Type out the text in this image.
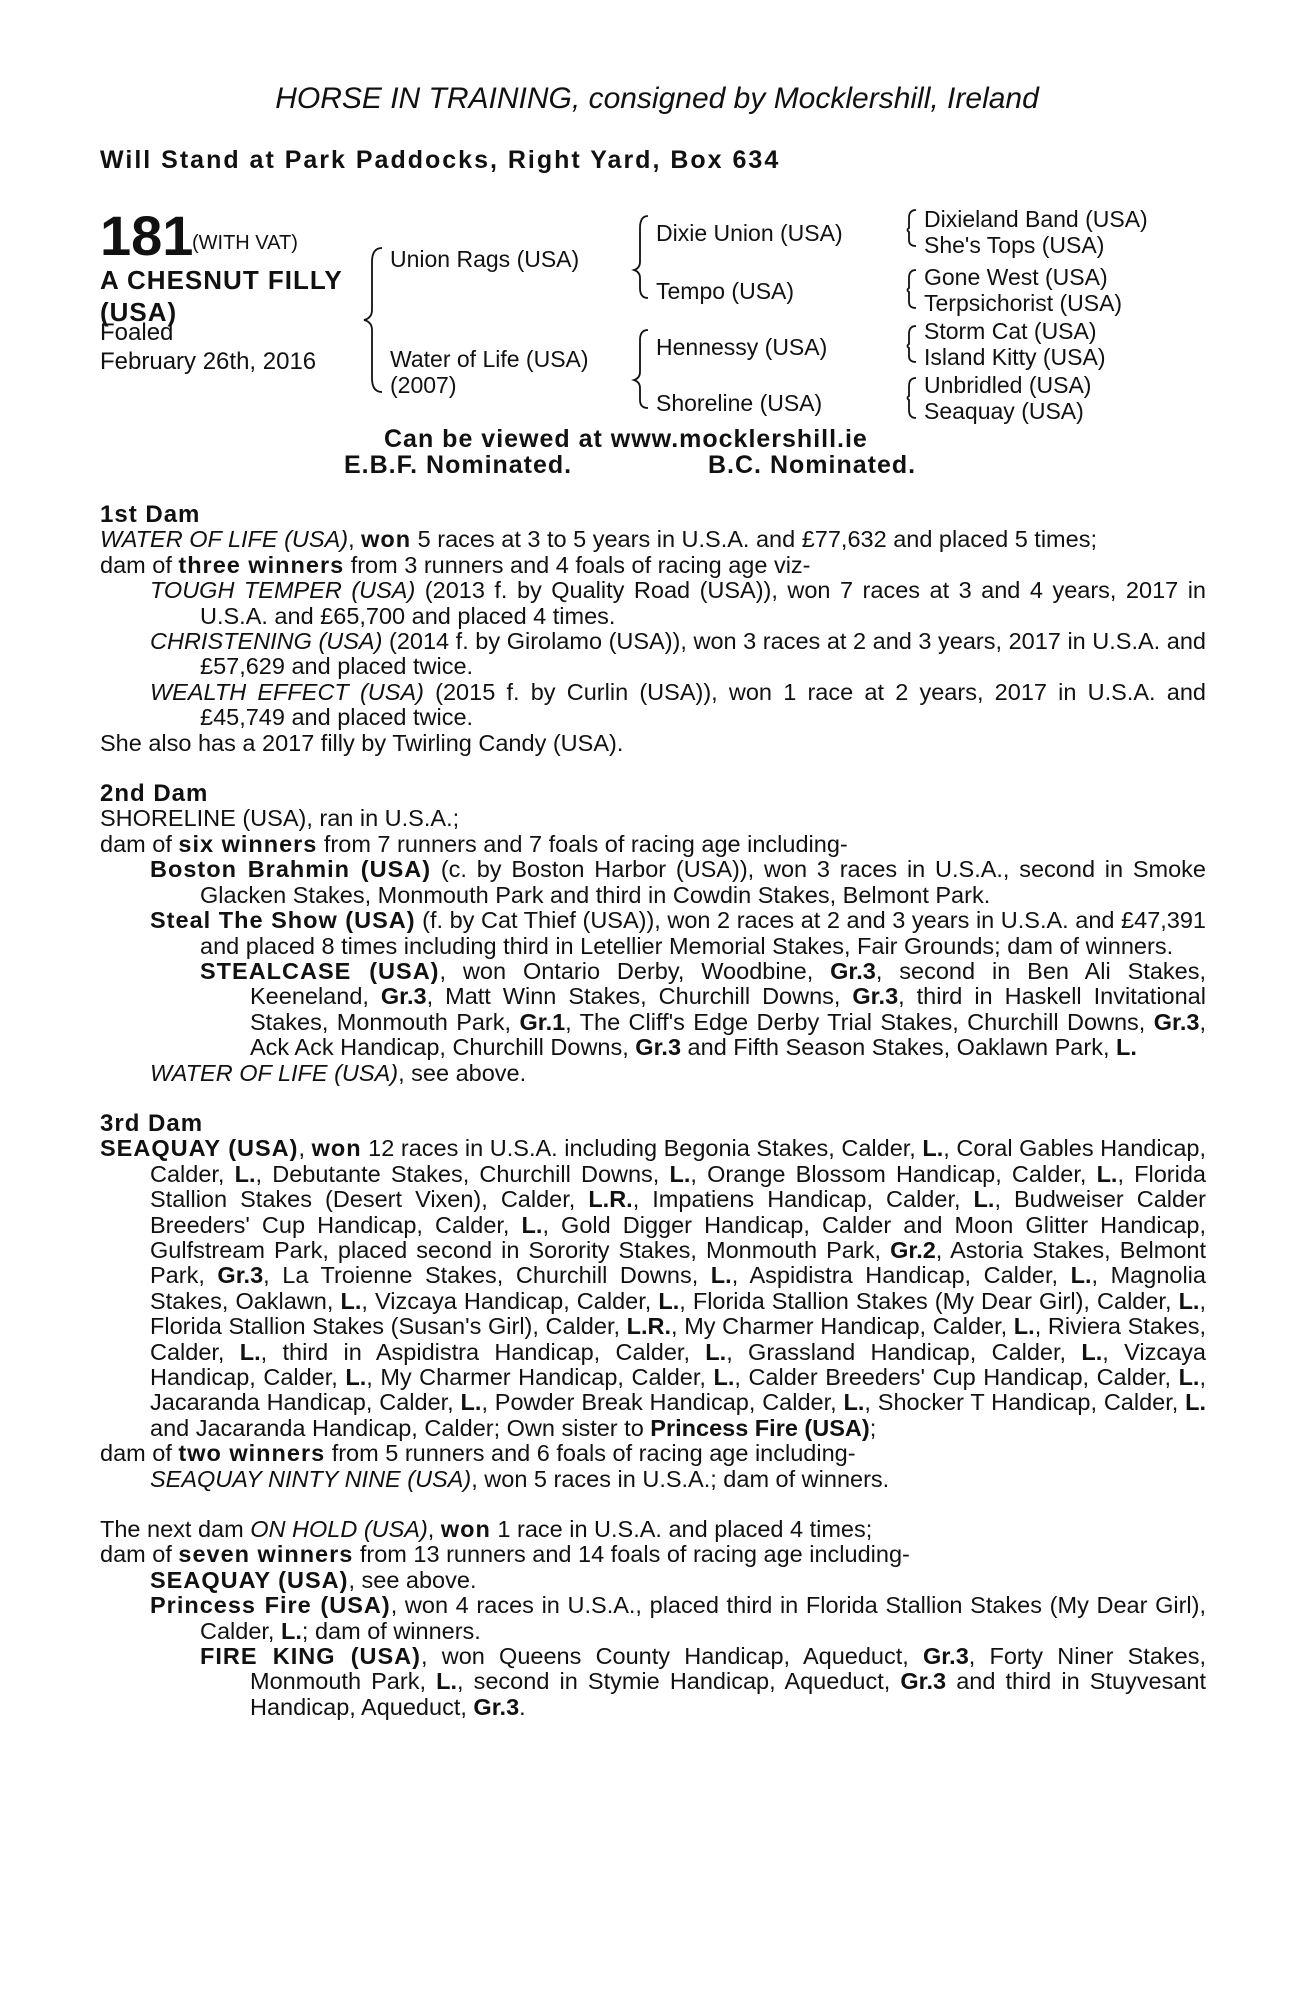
HORSE IN TRAINING, consigned by Mocklershill, Ireland
Will Stand at Park Paddocks, Right Yard, Box 634
181
(WITH VAT)
A CHESNUT FILLY (USA)
Foaled
February 26th, 2016
Union Rags (USA)
Water of Life (USA)
(2007)
Dixie Union (USA)
Tempo (USA)
Hennessy (USA)
Shoreline (USA)
Dixieland Band (USA)
She's Tops (USA)
Gone West (USA)
Terpsichorist (USA)
Storm Cat (USA)
Island Kitty (USA)
Unbridled (USA)
Seaquay (USA)
Can be viewed at www.mocklershill.ie
E.B.F. Nominated.	B.C. Nominated.

1st Dam

WATER OF LIFE (USA), won 5 races at 3 to 5 years in U.S.A. and £77,632 and placed 5 times;

dam of three winners from 3 runners and 4 foals of racing age viz-

TOUGH TEMPER (USA) (2013 f. by Quality Road (USA)), won 7 races at 3 and 4 years, 2017 in U.S.A. and £65,700 and placed 4 times.

CHRISTENING (USA) (2014 f. by Girolamo (USA)), won 3 races at 2 and 3 years, 2017 in U.S.A. and £57,629 and placed twice.

WEALTH EFFECT (USA) (2015 f. by Curlin (USA)), won 1 race at 2 years, 2017 in U.S.A. and £45,749 and placed twice.

She also has a 2017 filly by Twirling Candy (USA).

2nd Dam

SHORELINE (USA), ran in U.S.A.;

dam of six winners from 7 runners and 7 foals of racing age including-

Boston Brahmin (USA) (c. by Boston Harbor (USA)), won 3 races in U.S.A., second in Smoke Glacken Stakes, Monmouth Park and third in Cowdin Stakes, Belmont Park.

Steal The Show (USA) (f. by Cat Thief (USA)), won 2 races at 2 and 3 years in U.S.A. and £47,391 and placed 8 times including third in Letellier Memorial Stakes, Fair Grounds; dam of winners.

STEALCASE (USA), won Ontario Derby, Woodbine, Gr.3, second in Ben Ali Stakes, Keeneland, Gr.3, Matt Winn Stakes, Churchill Downs, Gr.3, third in Haskell Invitational Stakes, Monmouth Park, Gr.1, The Cliff's Edge Derby Trial Stakes, Churchill Downs, Gr.3, Ack Ack Handicap, Churchill Downs, Gr.3 and Fifth Season Stakes, Oaklawn Park, L.

WATER OF LIFE (USA), see above.

3rd Dam

SEAQUAY (USA), won 12 races in U.S.A. including Begonia Stakes, Calder, L., Coral Gables Handicap, Calder, L., Debutante Stakes, Churchill Downs, L., Orange Blossom Handicap, Calder, L., Florida Stallion Stakes (Desert Vixen), Calder, L.R., Impatiens Handicap, Calder, L., Budweiser Calder Breeders' Cup Handicap, Calder, L., Gold Digger Handicap, Calder and Moon Glitter Handicap, Gulfstream Park, placed second in Sorority Stakes, Monmouth Park, Gr.2, Astoria Stakes, Belmont Park, Gr.3, La Troienne Stakes, Churchill Downs, L., Aspidistra Handicap, Calder, L., Magnolia Stakes, Oaklawn, L., Vizcaya Handicap, Calder, L., Florida Stallion Stakes (My Dear Girl), Calder, L., Florida Stallion Stakes (Susan's Girl), Calder, L.R., My Charmer Handicap, Calder, L., Riviera Stakes, Calder, L., third in Aspidistra Handicap, Calder, L., Grassland Handicap, Calder, L., Vizcaya Handicap, Calder, L., My Charmer Handicap, Calder, L., Calder Breeders' Cup Handicap, Calder, L., Jacaranda Handicap, Calder, L., Powder Break Handicap, Calder, L., Shocker T Handicap, Calder, L. and Jacaranda Handicap, Calder; Own sister to Princess Fire (USA);

dam of two winners from 5 runners and 6 foals of racing age including-

SEAQUAY NINTY NINE (USA), won 5 races in U.S.A.; dam of winners.

The next dam ON HOLD (USA), won 1 race in U.S.A. and placed 4 times;

dam of seven winners from 13 runners and 14 foals of racing age including-

SEAQUAY (USA), see above.

Princess Fire (USA), won 4 races in U.S.A., placed third in Florida Stallion Stakes (My Dear Girl), Calder, L.; dam of winners.

FIRE KING (USA), won Queens County Handicap, Aqueduct, Gr.3, Forty Niner Stakes, Monmouth Park, L., second in Stymie Handicap, Aqueduct, Gr.3 and third in Stuyvesant Handicap, Aqueduct, Gr.3.
